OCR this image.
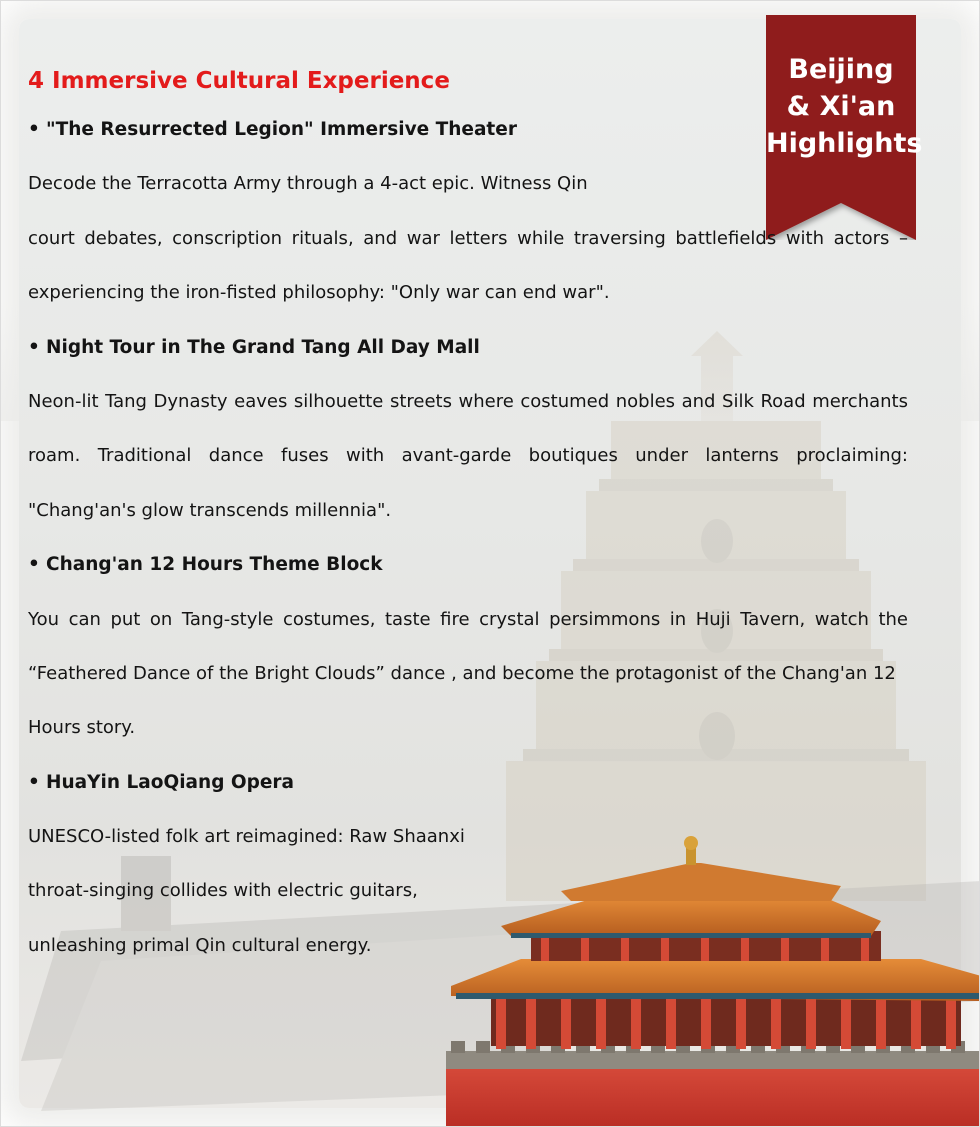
Beijing
& Xi'an
Highlights
4 Immersive Cultural Experience
• "The Resurrected Legion" Immersive Theater
Decode the Terracotta Army through a 4-act epic. Witness Qin
court debates, conscription rituals, and war letters while traversing battlefields with actors –
experiencing the iron-fisted philosophy: "Only war can end war".
• Night Tour in The Grand Tang All Day Mall
Neon-lit Tang Dynasty eaves silhouette streets where costumed nobles and Silk Road merchants
roam. Traditional dance fuses with avant-garde boutiques under lanterns proclaiming:
"Chang'an's glow transcends millennia".
• Chang'an 12 Hours Theme Block
You can put on Tang-style costumes, taste fire crystal persimmons in Huji Tavern, watch the
“Feathered Dance of the Bright Clouds” dance , and become the protagonist of the Chang'an 12
Hours story.
• HuaYin LaoQiang Opera
UNESCO-listed folk art reimagined: Raw Shaanxi
throat-singing collides with electric guitars,
unleashing primal Qin cultural energy.
